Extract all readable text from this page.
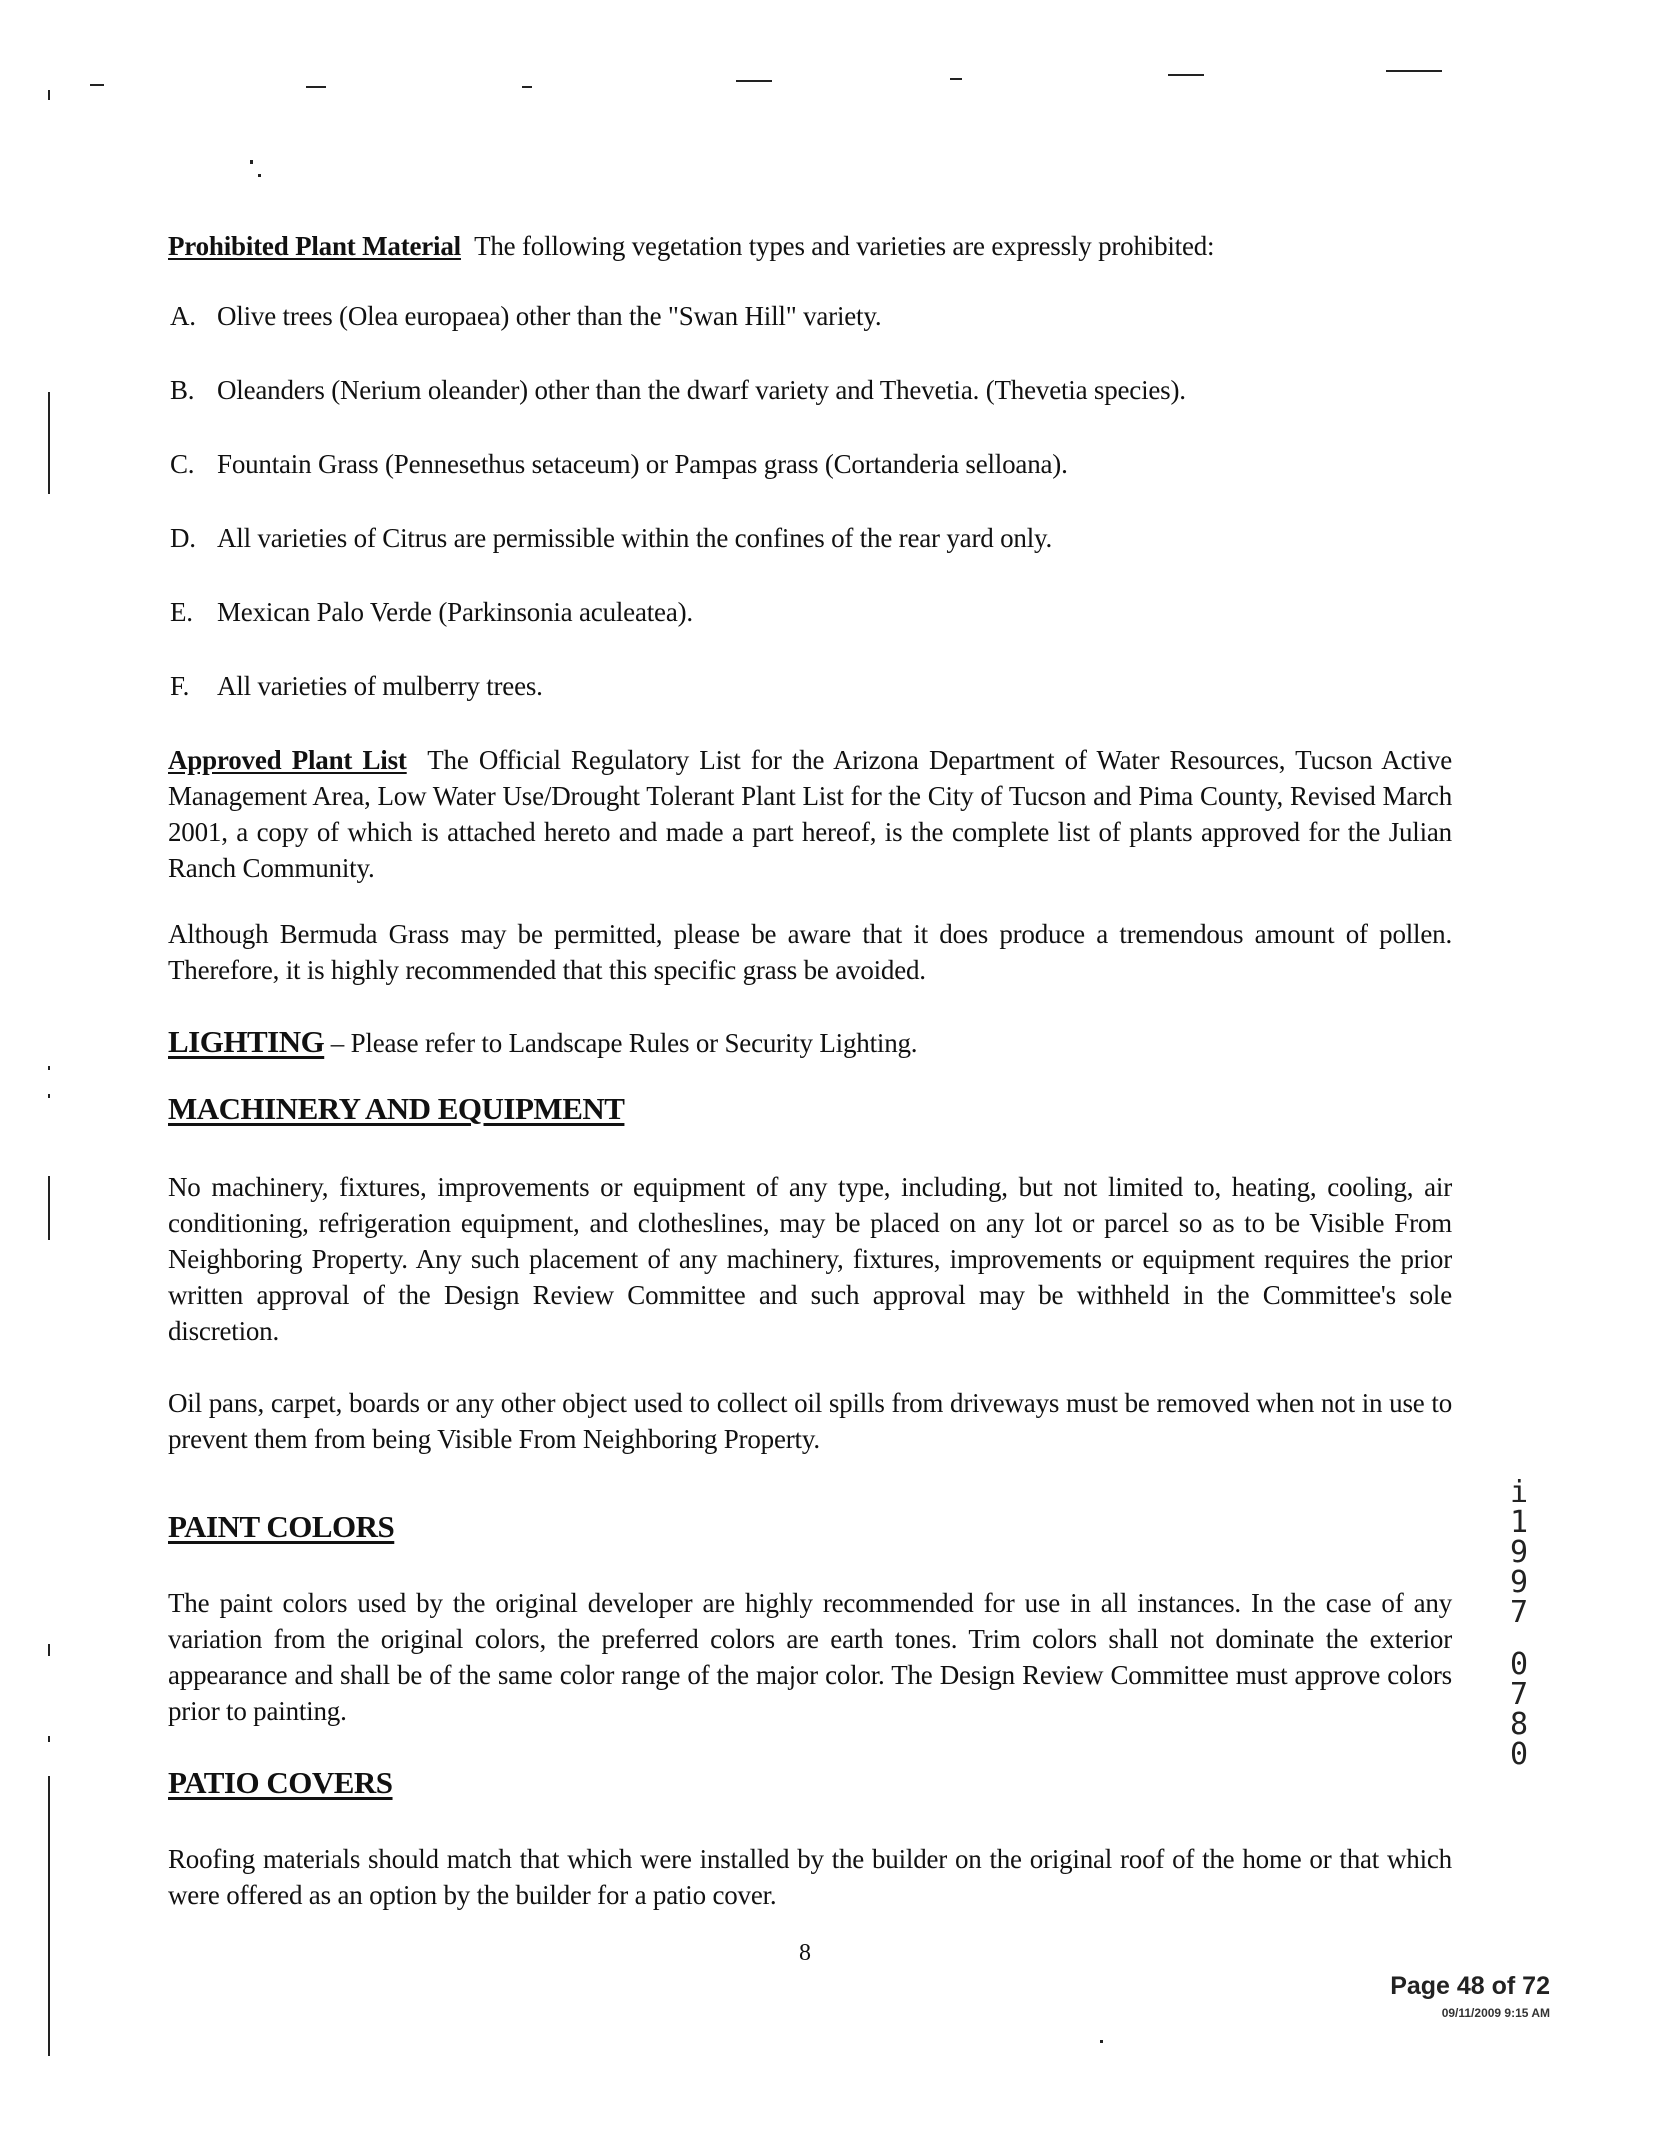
Prohibited Plant Material The following vegetation types and varieties are expressly prohibited:

A. Olive trees (Olea europaea) other than the "Swan Hill" variety.
B. Oleanders (Nerium oleander) other than the dwarf variety and Thevetia. (Thevetia species).
C. Fountain Grass (Pennesethus setaceum) or Pampas grass (Cortanderia selloana).
D. All varieties of Citrus are permissible within the confines of the rear yard only.
E. Mexican Palo Verde (Parkinsonia aculeatea).
F.	All varieties of mulberry trees.

Approved Plant List The Official Regulatory List for the Arizona Department of Water Resources, Tucson Active Management Area, Low Water Use/Drought Tolerant Plant List for the City of Tucson and Pima County, Revised March 2001, a copy of which is attached hereto and made a part hereof, is the complete list of plants approved for the Julian Ranch Community.

Although Bermuda Grass may be permitted, please be aware that it does produce a tremendous amount of pollen. Therefore, it is highly recommended that this specific grass be avoided.

LIGHTING – Please refer to Landscape Rules or Security Lighting.

MACHINERY AND EQUIPMENT

No machinery, fixtures, improvements or equipment of any type, including, but not limited to, heating, cooling, air conditioning, refrigeration equipment, and clotheslines, may be placed on any lot or parcel so as to be Visible From Neighboring Property. Any such placement of any machinery, fixtures, improvements or equipment requires the prior written approval of the Design Review Committee and such approval may be withheld in the Committee's sole discretion.

Oil pans, carpet, boards or any other object used to collect oil spills from driveways must be removed when not in use to prevent them from being Visible From Neighboring Property.

PAINT COLORS

The paint colors used by the original developer are highly recommended for use in all instances. In the case of any variation from the original colors, the preferred colors are earth tones. Trim colors shall not dominate the exterior appearance and shall be of the same color range of the major color. The Design Review Committee must approve colors prior to painting.

PATIO COVERS

Roofing materials should match that which were installed by the builder on the original roof of the home or that which were offered as an option by the builder for a patio cover.

i
1
9
9
7
0
7
8
0
8
Page 48 of 72
09/11/2009 9:15 AM
